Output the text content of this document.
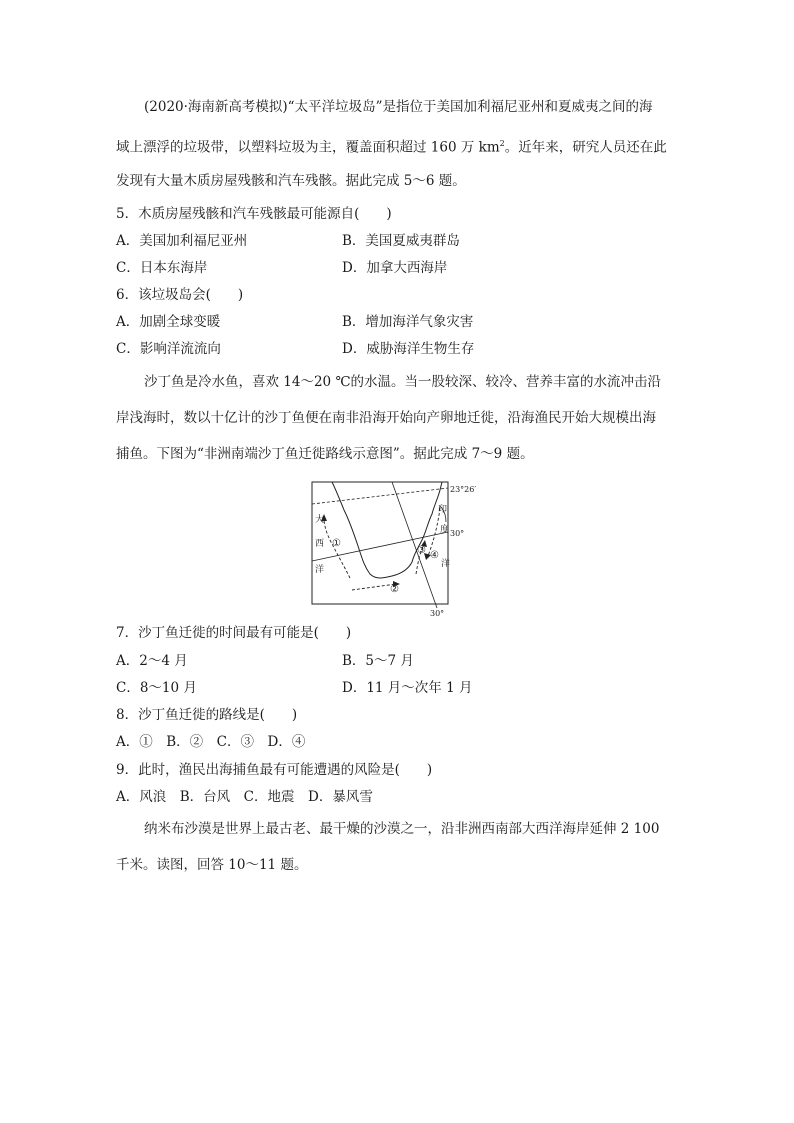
(2020·海南新高考模拟)“太平洋垃圾岛”是指位于美国加利福尼亚州和夏威夷之间的海
域上漂浮的垃圾带，以塑料垃圾为主，覆盖面积超过 160 万 $km^2$。近年来，研究人员还在此
发现有大量木质房屋残骸和汽车残骸。据此完成 5～6 题。
5．木质房屋残骸和汽车残骸最可能源自(　　)
A．美国加利福尼亚州	B．美国夏威夷群岛
C．日本东海岸	D．加拿大西海岸
6．该垃圾岛会(　　)
A．加剧全球变暖	B．增加海洋气象灾害
C．影响洋流流向	D．威胁海洋生物生存
沙丁鱼是冷水鱼，喜欢 14～20 ℃的水温。当一股较深、较冷、营养丰富的水流冲击沿
岸浅海时，数以十亿计的沙丁鱼便在南非沿海开始向产卵地迁徙，沿海渔民开始大规模出海
捕鱼。下图为“非洲南端沙丁鱼迁徙路线示意图”。据此完成 7～9 题。
23°26′
30°
30°
大
西
洋
印
度
洋
①
②
③ ④
7．沙丁鱼迁徙的时间最有可能是(　　)
A．2～4 月	B．5～7 月
C．8～10 月	D．11 月～次年 1 月
8．沙丁鱼迁徙的路线是(　　)
A．①　B．②　C．③　D．④
9．此时，渔民出海捕鱼最有可能遭遇的风险是(　　)
A．风浪　B．台风　C．地震　D．暴风雪
纳米布沙漠是世界上最古老、最干燥的沙漠之一，沿非洲西南部大西洋海岸延伸 2 100
千米。读图，回答 10～11 题。
